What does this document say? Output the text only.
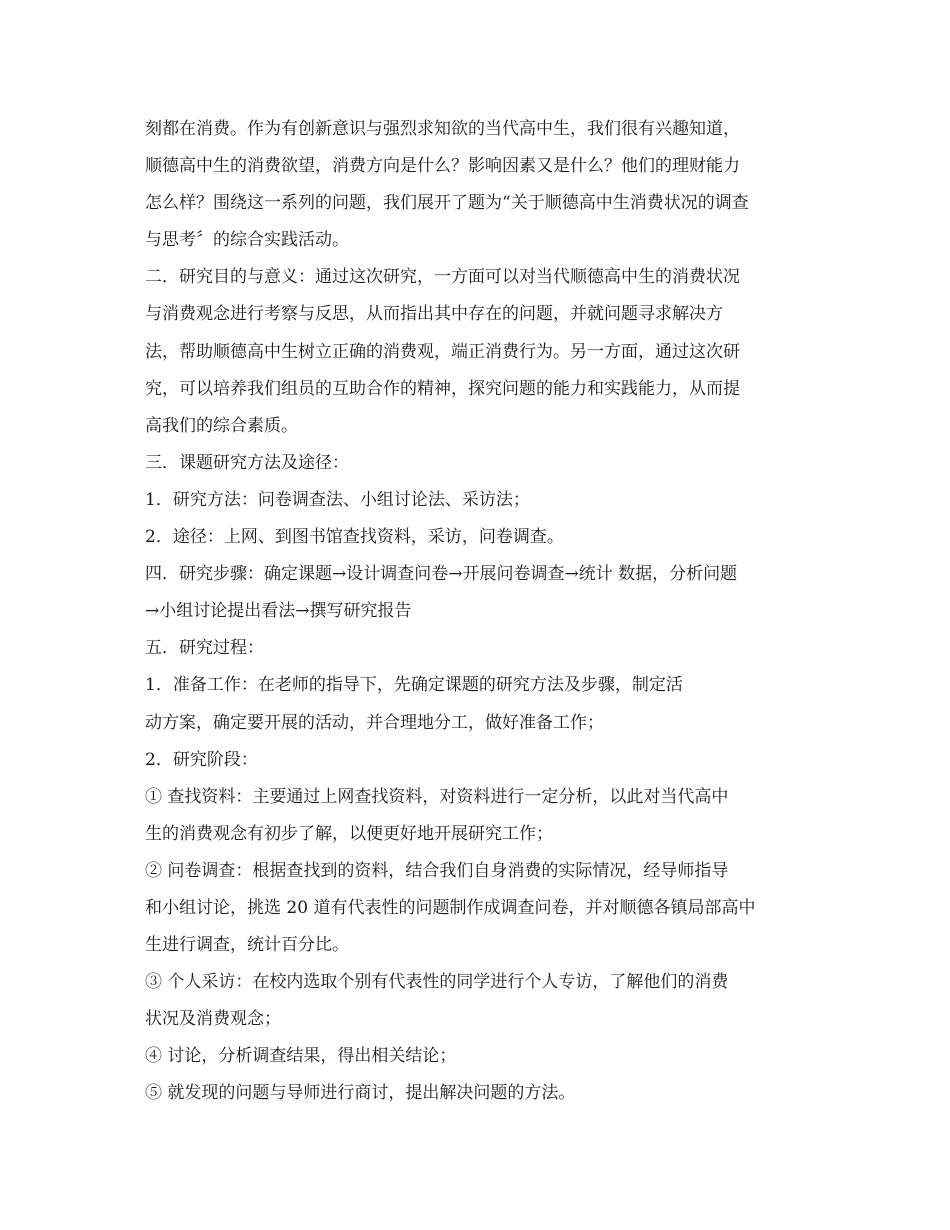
刻都在消费。作为有创新意识与强烈求知欲的当代高中生，我们很有兴趣知道，
顺德高中生的消费欲望，消费方向是什么？影响因素又是什么？他们的理财能力
怎么样？围绕这一系列的问题，我们展开了题为“关于顺德高中生消费状况的调查
与思考〞的综合实践活动。
二．研究目的与意义：通过这次研究，一方面可以对当代顺德高中生的消费状况
与消费观念进行考察与反思，从而指出其中存在的问题，并就问题寻求解决方
法，帮助顺德高中生树立正确的消费观，端正消费行为。另一方面，通过这次研
究，可以培养我们组员的互助合作的精神，探究问题的能力和实践能力，从而提
高我们的综合素质。
三．课题研究方法及途径：
1．研究方法：问卷调查法、小组讨论法、采访法；
2．途径：上网、到图书馆查找资料，采访，问卷调查。
四．研究步骤：确定课题→设计调查问卷→开展问卷调查→统计 数据，分析问题
→小组讨论提出看法→撰写研究报告
五．研究过程：
1．准备工作：在老师的指导下，先确定课题的研究方法及步骤，制定活
动方案，确定要开展的活动，并合理地分工，做好准备工作；
2．研究阶段：
① 查找资料：主要通过上网查找资料，对资料进行一定分析，以此对当代高中
生的消费观念有初步了解，以便更好地开展研究工作；
② 问卷调查：根据查找到的资料，结合我们自身消费的实际情况，经导师指导
和小组讨论，挑选 20 道有代表性的问题制作成调查问卷，并对顺德各镇局部高中
生进行调查，统计百分比。
③ 个人采访：在校内选取个别有代表性的同学进行个人专访，了解他们的消费
状况及消费观念；
④ 讨论，分析调查结果，得出相关结论；
⑤ 就发现的问题与导师进行商讨，提出解决问题的方法。
